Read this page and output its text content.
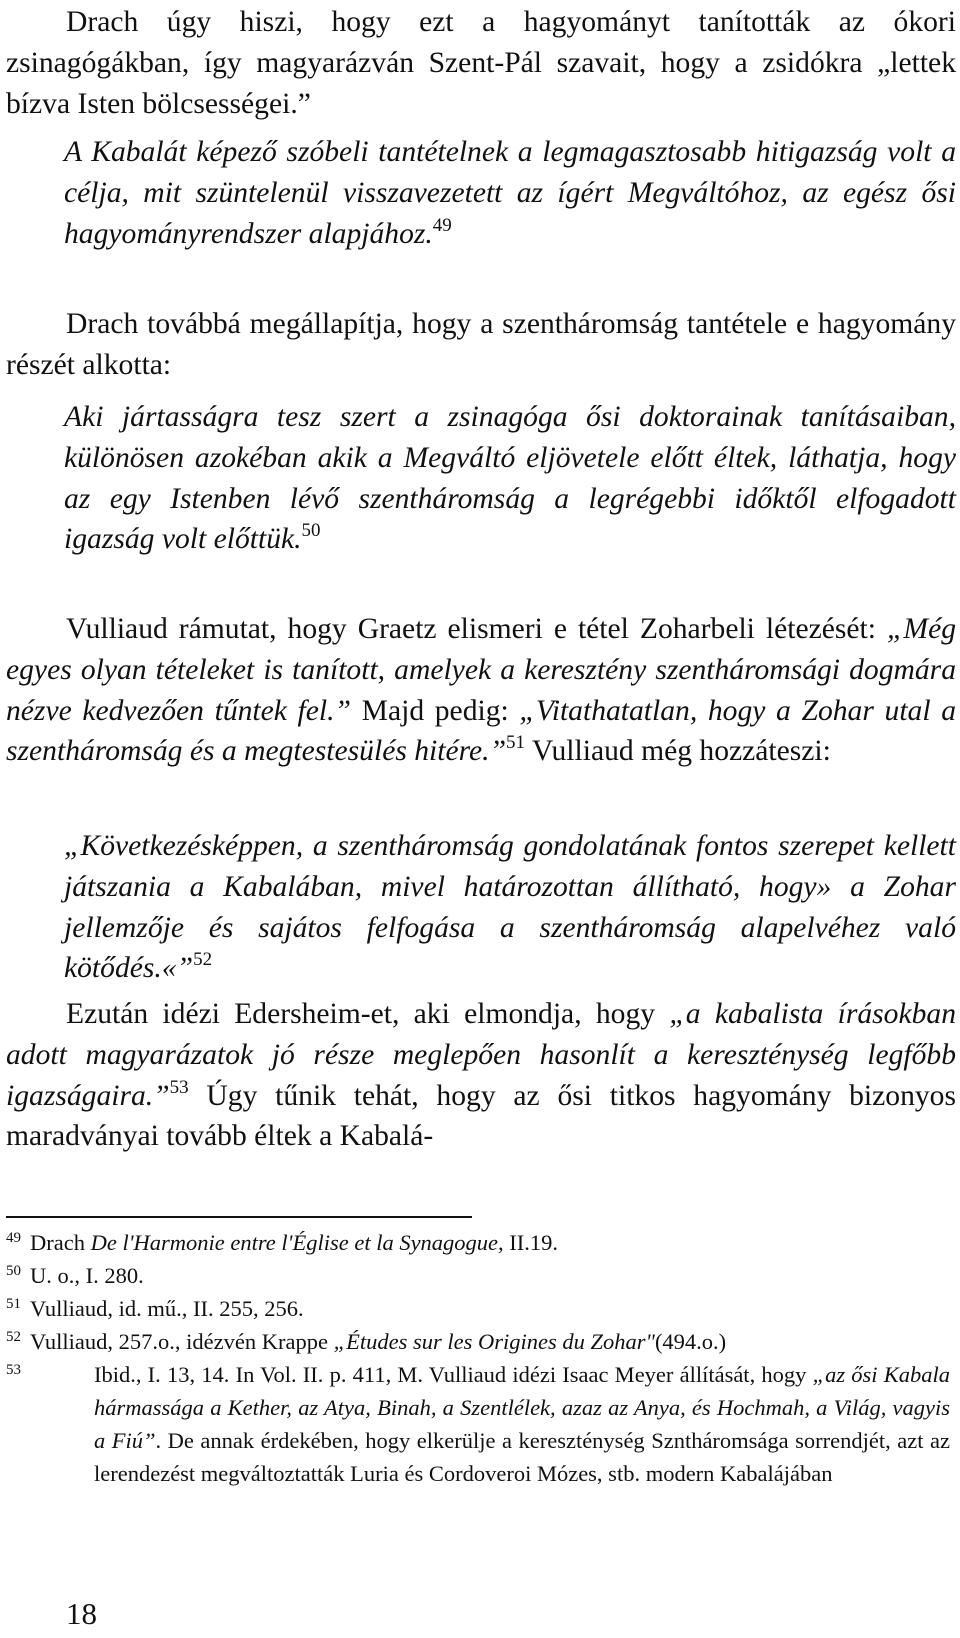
Drach úgy hiszi, hogy ezt a hagyományt tanították az ókori zsinagógákban, így magyarázván Szent-Pál szavait, hogy a zsidókra „lettek bízva Isten bölcsességei.”
A Kabalát képező szóbeli tantételnek a legmagasztosabb hitigazság volt a célja, mit szüntelenül visszavezetett az ígért Megváltóhoz, az egész ősi hagyományrendszer alapjához.$^{49}$
Drach továbbá megállapítja, hogy a szentháromság tantétele e hagyomány részét alkotta:
Aki jártasságra tesz szert a zsinagóga ősi doktorainak tanításaiban, különösen azokéban akik a Megváltó eljövetele előtt éltek, láthatja, hogy az egy Istenben lévő szentháromság a legrégebbi időktől elfogadott igazság volt előttük.$^{50}$
Vulliaud rámutat, hogy Graetz elismeri e tétel Zoharbeli létezését: „Még egyes olyan tételeket is tanított, amelyek a keresztény szentháromsági dogmára nézve kedvezően tűntek fel.” Majd pedig: „Vitathatatlan, hogy a Zohar utal a szentháromság és a megtestesülés hitére.”$^{51}$ Vulliaud még hozzáteszi:
„Következésképpen, a szentháromság gondolatának fontos szerepet kellett játszania a Kabalában, mivel határozottan állítható, hogy» a Zohar jellemzője és sajátos felfogása a szentháromság alapelvéhez való kötődés.«”$^{52}$
Ezután idézi Edersheim-et, aki elmondja, hogy „a kabalista írásokban adott magyarázatok jó része meglepően hasonlít a kereszténység legfőbb igazságaira.”$^{53}$ Úgy tűnik tehát, hogy az ősi titkos hagyomány bizonyos maradványai tovább éltek a Kabalá-
49 Drach De l'Harmonie entre l'Église et la Synagogue, II.19.
50 U. o., I. 280.
51 Vulliaud, id. mű., II. 255, 256.
52 Vulliaud, 257.o., idézvén Krappe „Études sur les Origines du Zohar"(494.o.)
53	Ibid., I. 13, 14. In Vol. II. p. 411, M. Vulliaud idézi Isaac Meyer állítását, hogy „az ősi Kabala hármassága a Kether, az Atya, Binah, a Szentlélek, azaz az Anya, és Hochmah, a Világ, vagyis a Fiú”. De annak érdekében, hogy elkerülje a kereszténység Szntháromsága sorrendjét, azt az lerendezést megváltoztatták Luria és Cordoveroi Mózes, stb. modern Kabalájában
18
